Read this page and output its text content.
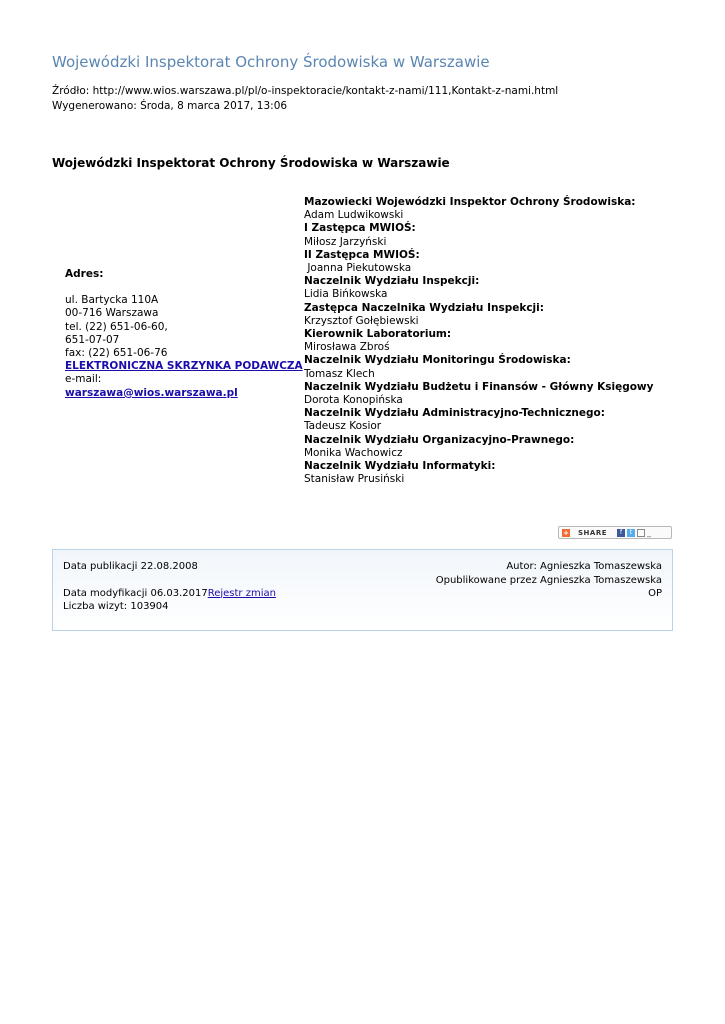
Wojewódzki Inspektorat Ochrony Środowiska w Warszawie
Źródło: http://www.wios.warszawa.pl/pl/o-inspektoracie/kontakt-z-nami/111,Kontakt-z-nami.html
Wygenerowano: Środa, 8 marca 2017, 13:06
Wojewódzki Inspektorat Ochrony Środowiska w Warszawie
Adres:
ul. Bartycka 110A
00-716 Warszawa
tel. (22) 651-06-60,
651-07-07
fax: (22) 651-06-76
ELEKTRONICZNA SKRZYNKA PODAWCZA
e-mail:
warszawa@wios.warszawa.pl
Mazowiecki Wojewódzki Inspektor Ochrony Środowiska:
Adam Ludwikowski
I Zastępca MWIOŚ:
Miłosz Jarzyński
II Zastępca MWIOŚ:
Joanna Piekutowska
Naczelnik Wydziału Inspekcji:
Lidia Bińkowska
Zastępca Naczelnika Wydziału Inspekcji:
Krzysztof Gołębiewski
Kierownik Laboratorium:
Mirosława Zbroś
Naczelnik Wydziału Monitoringu Środowiska:
Tomasz Klech
Naczelnik Wydziału Budżetu i Finansów - Główny Księgowy
Dorota Konopińska
Naczelnik Wydziału Administracyjno-Technicznego:
Tadeusz Kosior
Naczelnik Wydziału Organizacyjno-Prawnego:
Monika Wachowicz
Naczelnik Wydziału Informatyki:
Stanisław Prusiński
+ SHARE	f	t	_
Data publikacji 22.08.2008
Data modyfikacji 06.03.2017Rejestr zmian
Liczba wizyt: 103904
Autor: Agnieszka Tomaszewska
Opublikowane przez Agnieszka Tomaszewska
OP
